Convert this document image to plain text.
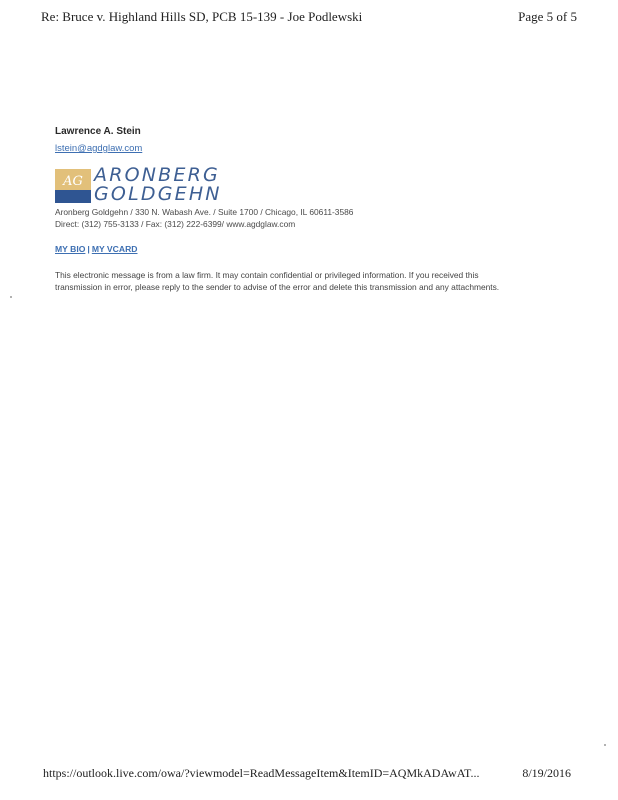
Re: Bruce v. Highland Hills SD, PCB 15-139 - Joe Podlewski	Page 5 of 5
Lawrence A. Stein
lstein@agdglaw.com
AG ARONBERG
GOLDGEHN
Aronberg Goldgehn / 330 N. Wabash Ave. / Suite 1700 / Chicago, IL 60611-3586
Direct: (312) 755-3133 / Fax: (312) 222-6399/ www.agdglaw.com
MY BIO | MY VCARD
This electronic message is from a law firm. It may contain confidential or privileged information. If you received this
transmission in error, please reply to the sender to advise of the error and delete this transmission and any attachments.
https://outlook.live.com/owa/?viewmodel=ReadMessageItem&ItemID=AQMkADAwAT...	8/19/2016
